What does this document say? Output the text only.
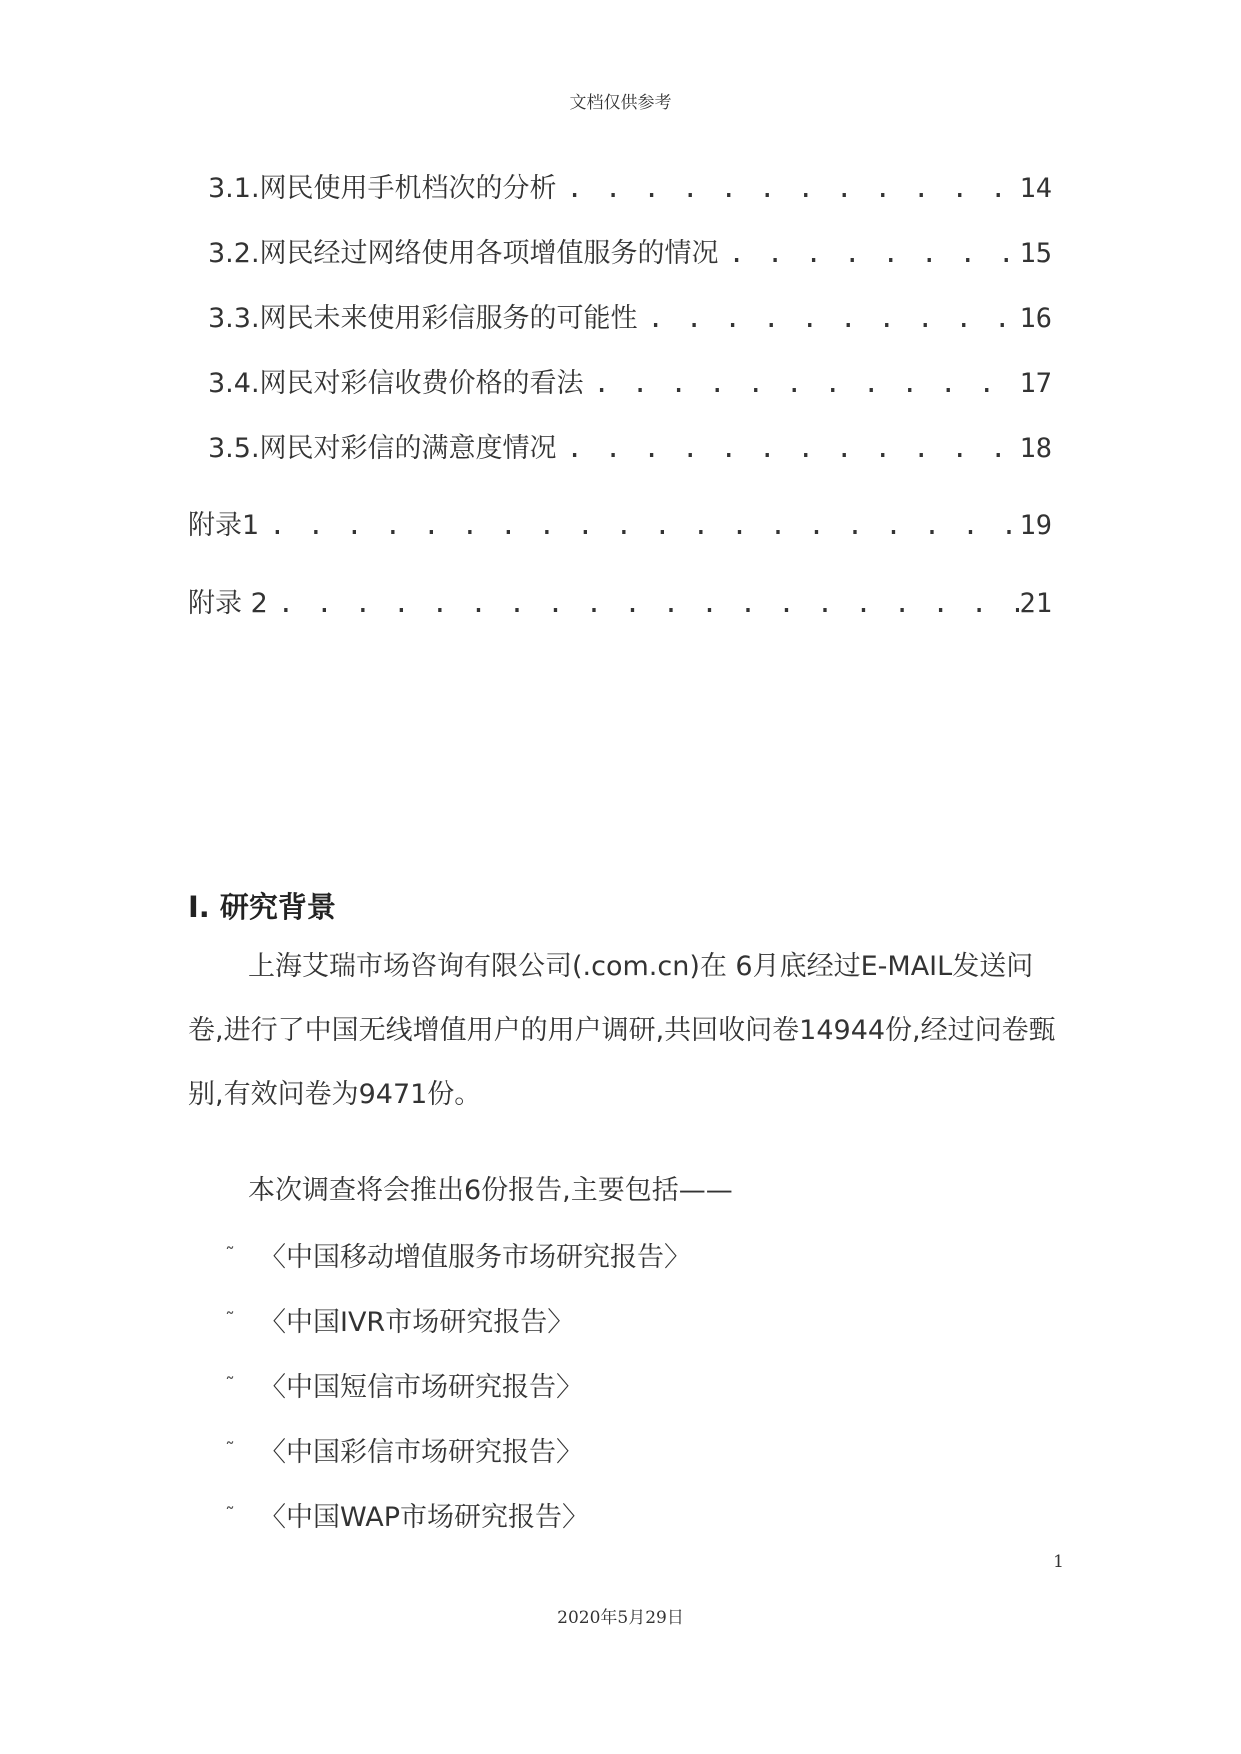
文档仅供参考
3.1.网民使用手机档次的分析 . . .	14
3.2.网民经过网络使用各项增值服务的情况 . . .	15
3.3.网民未来使用彩信服务的可能性 . . .	16
3.4.网民对彩信收费价格的看法 . . .	17
3.5.网民对彩信的满意度情况 . . .	18
附录1 . . .	19
附录 2 . . .	21
I. 研究背景
上海艾瑞市场咨询有限公司(.com.cn)在 6月底经过E-MAIL发送问卷,进行了中国无线增值用户的用户调研,共回收问卷14944份,经过问卷甄别,有效问卷为9471份。
本次调查将会推出6份报告,主要包括——
˜ 〈中国移动增值服务市场研究报告〉
˜ 〈中国IVR市场研究报告〉
˜ 〈中国短信市场研究报告〉
˜ 〈中国彩信市场研究报告〉
˜ 〈中国WAP市场研究报告〉
1
2020年5月29日
